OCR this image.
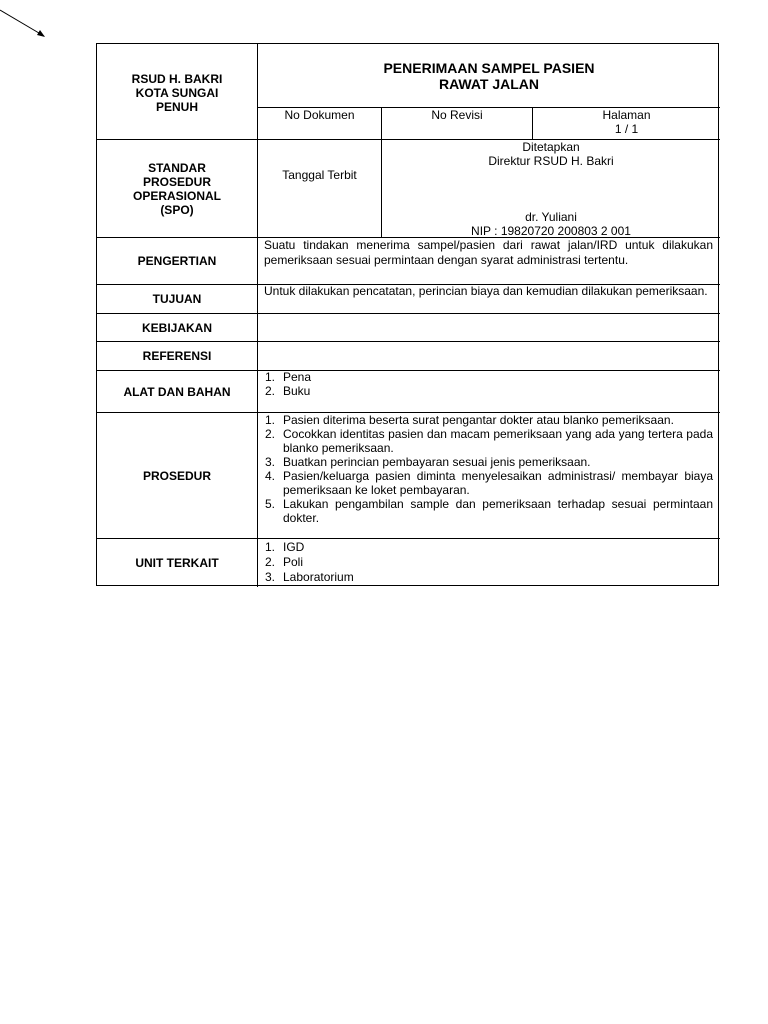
RSUD H. BAKRI
KOTA SUNGAI
PENUH
PENERIMAAN SAMPEL PASIEN
RAWAT JALAN
No Dokumen	No Revisi	Halaman
1 / 1
STANDAR
PROSEDUR
OPERASIONAL
(SPO)
Tanggal Terbit
Ditetapkan
Direktur RSUD H. Bakri
dr. Yuliani
NIP : 19820720 200803 2 001
PENGERTIAN
Suatu tindakan menerima sampel/pasien dari rawat jalan/IRD untuk dilakukan pemeriksaan sesuai permintaan dengan syarat administrasi tertentu.
TUJUAN
Untuk dilakukan pencatatan, perincian biaya dan kemudian dilakukan pemeriksaan.
KEBIJAKAN
REFERENSI
ALAT DAN BAHAN
1. Pena
2. Buku
PROSEDUR
1. Pasien diterima beserta surat pengantar dokter atau blanko pemeriksaan.
2. Cocokkan identitas pasien dan macam pemeriksaan yang ada yang tertera pada blanko pemeriksaan.
3. Buatkan perincian pembayaran sesuai jenis pemeriksaan.
4. Pasien/keluarga pasien diminta menyelesaikan administrasi/ membayar biaya pemeriksaan ke loket pembayaran.
5. Lakukan pengambilan sample dan pemeriksaan terhadap sesuai permintaan dokter.
UNIT TERKAIT
1. IGD
2. Poli
3. Laboratorium
